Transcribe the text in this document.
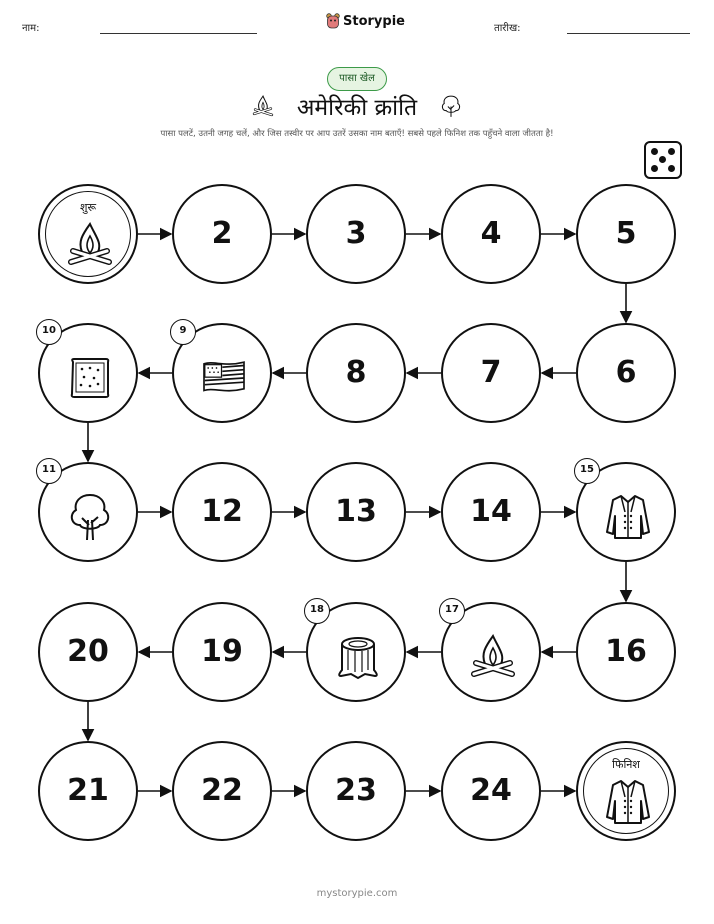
नाम:	Storypie	तारीख:
पासा खेल
अमेरिकी क्रांति
पासा पलटें, उतनी जगह चलें, और जिस तस्वीर पर आप उतरें उसका नाम बताएँ! सबसे पहले फिनिश तक पहुँचने वाला जीतता है!
शुरू
2	3	4	5
6
7
8
9
10
11
12	13	14
15
16
17
18
19
20
21	22	23	24
फिनिश
mystorypie.com
